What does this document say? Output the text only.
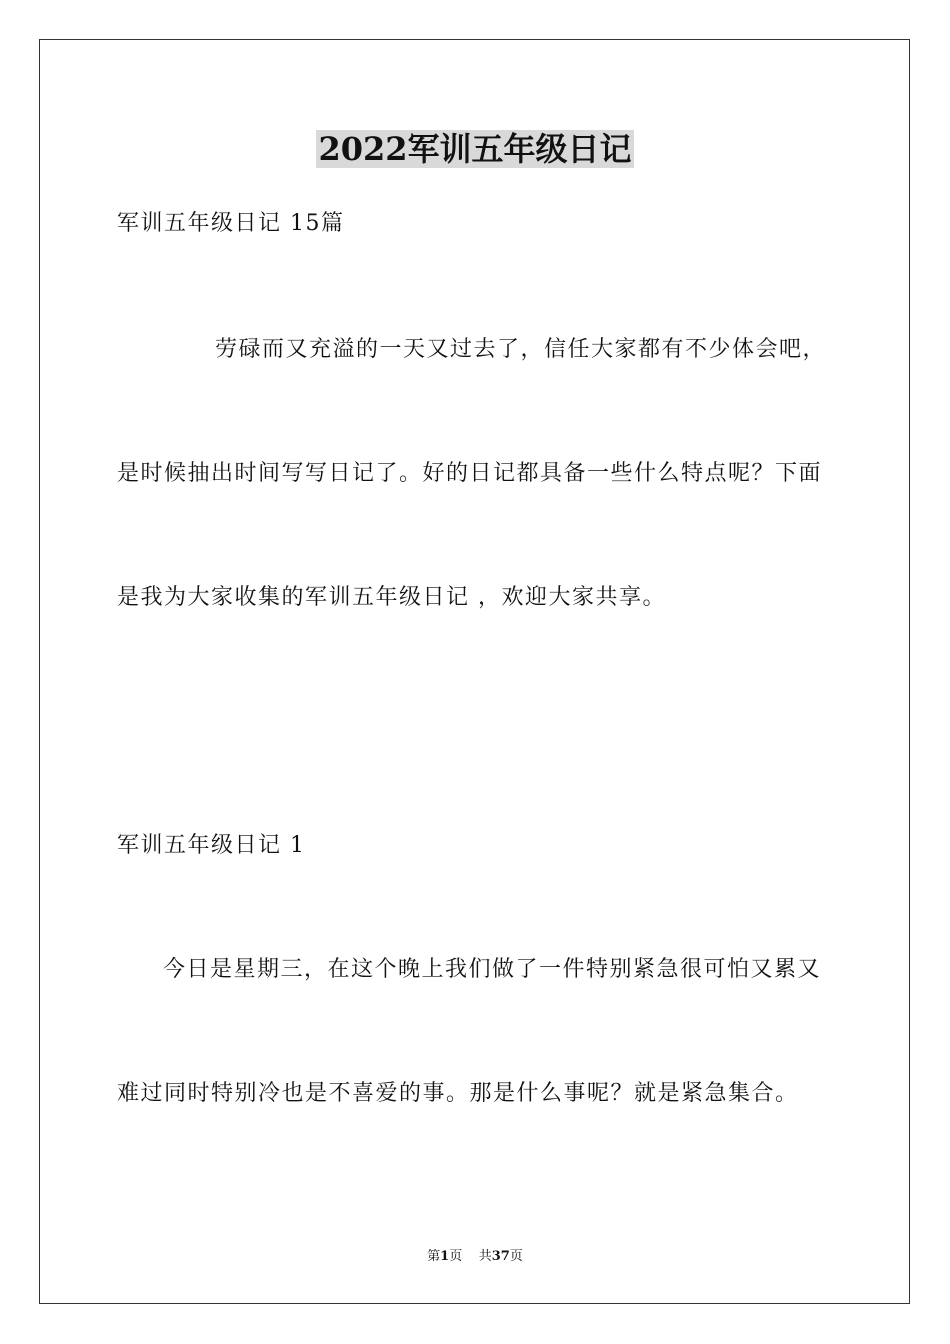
2022军训五年级日记
军训五年级日记 15篇
劳碌而又充溢的一天又过去了，信任大家都有不少体会吧，
是时候抽出时间写写日记了。好的日记都具备一些什么特点呢？下面
是我为大家收集的军训五年级日记 ，欢迎大家共享。
军训五年级日记 1
今日是星期三，在这个晚上我们做了一件特别紧急很可怕又累又
难过同时特别冷也是不喜爱的事。那是什么事呢？就是紧急集合。
第1页 共37页
